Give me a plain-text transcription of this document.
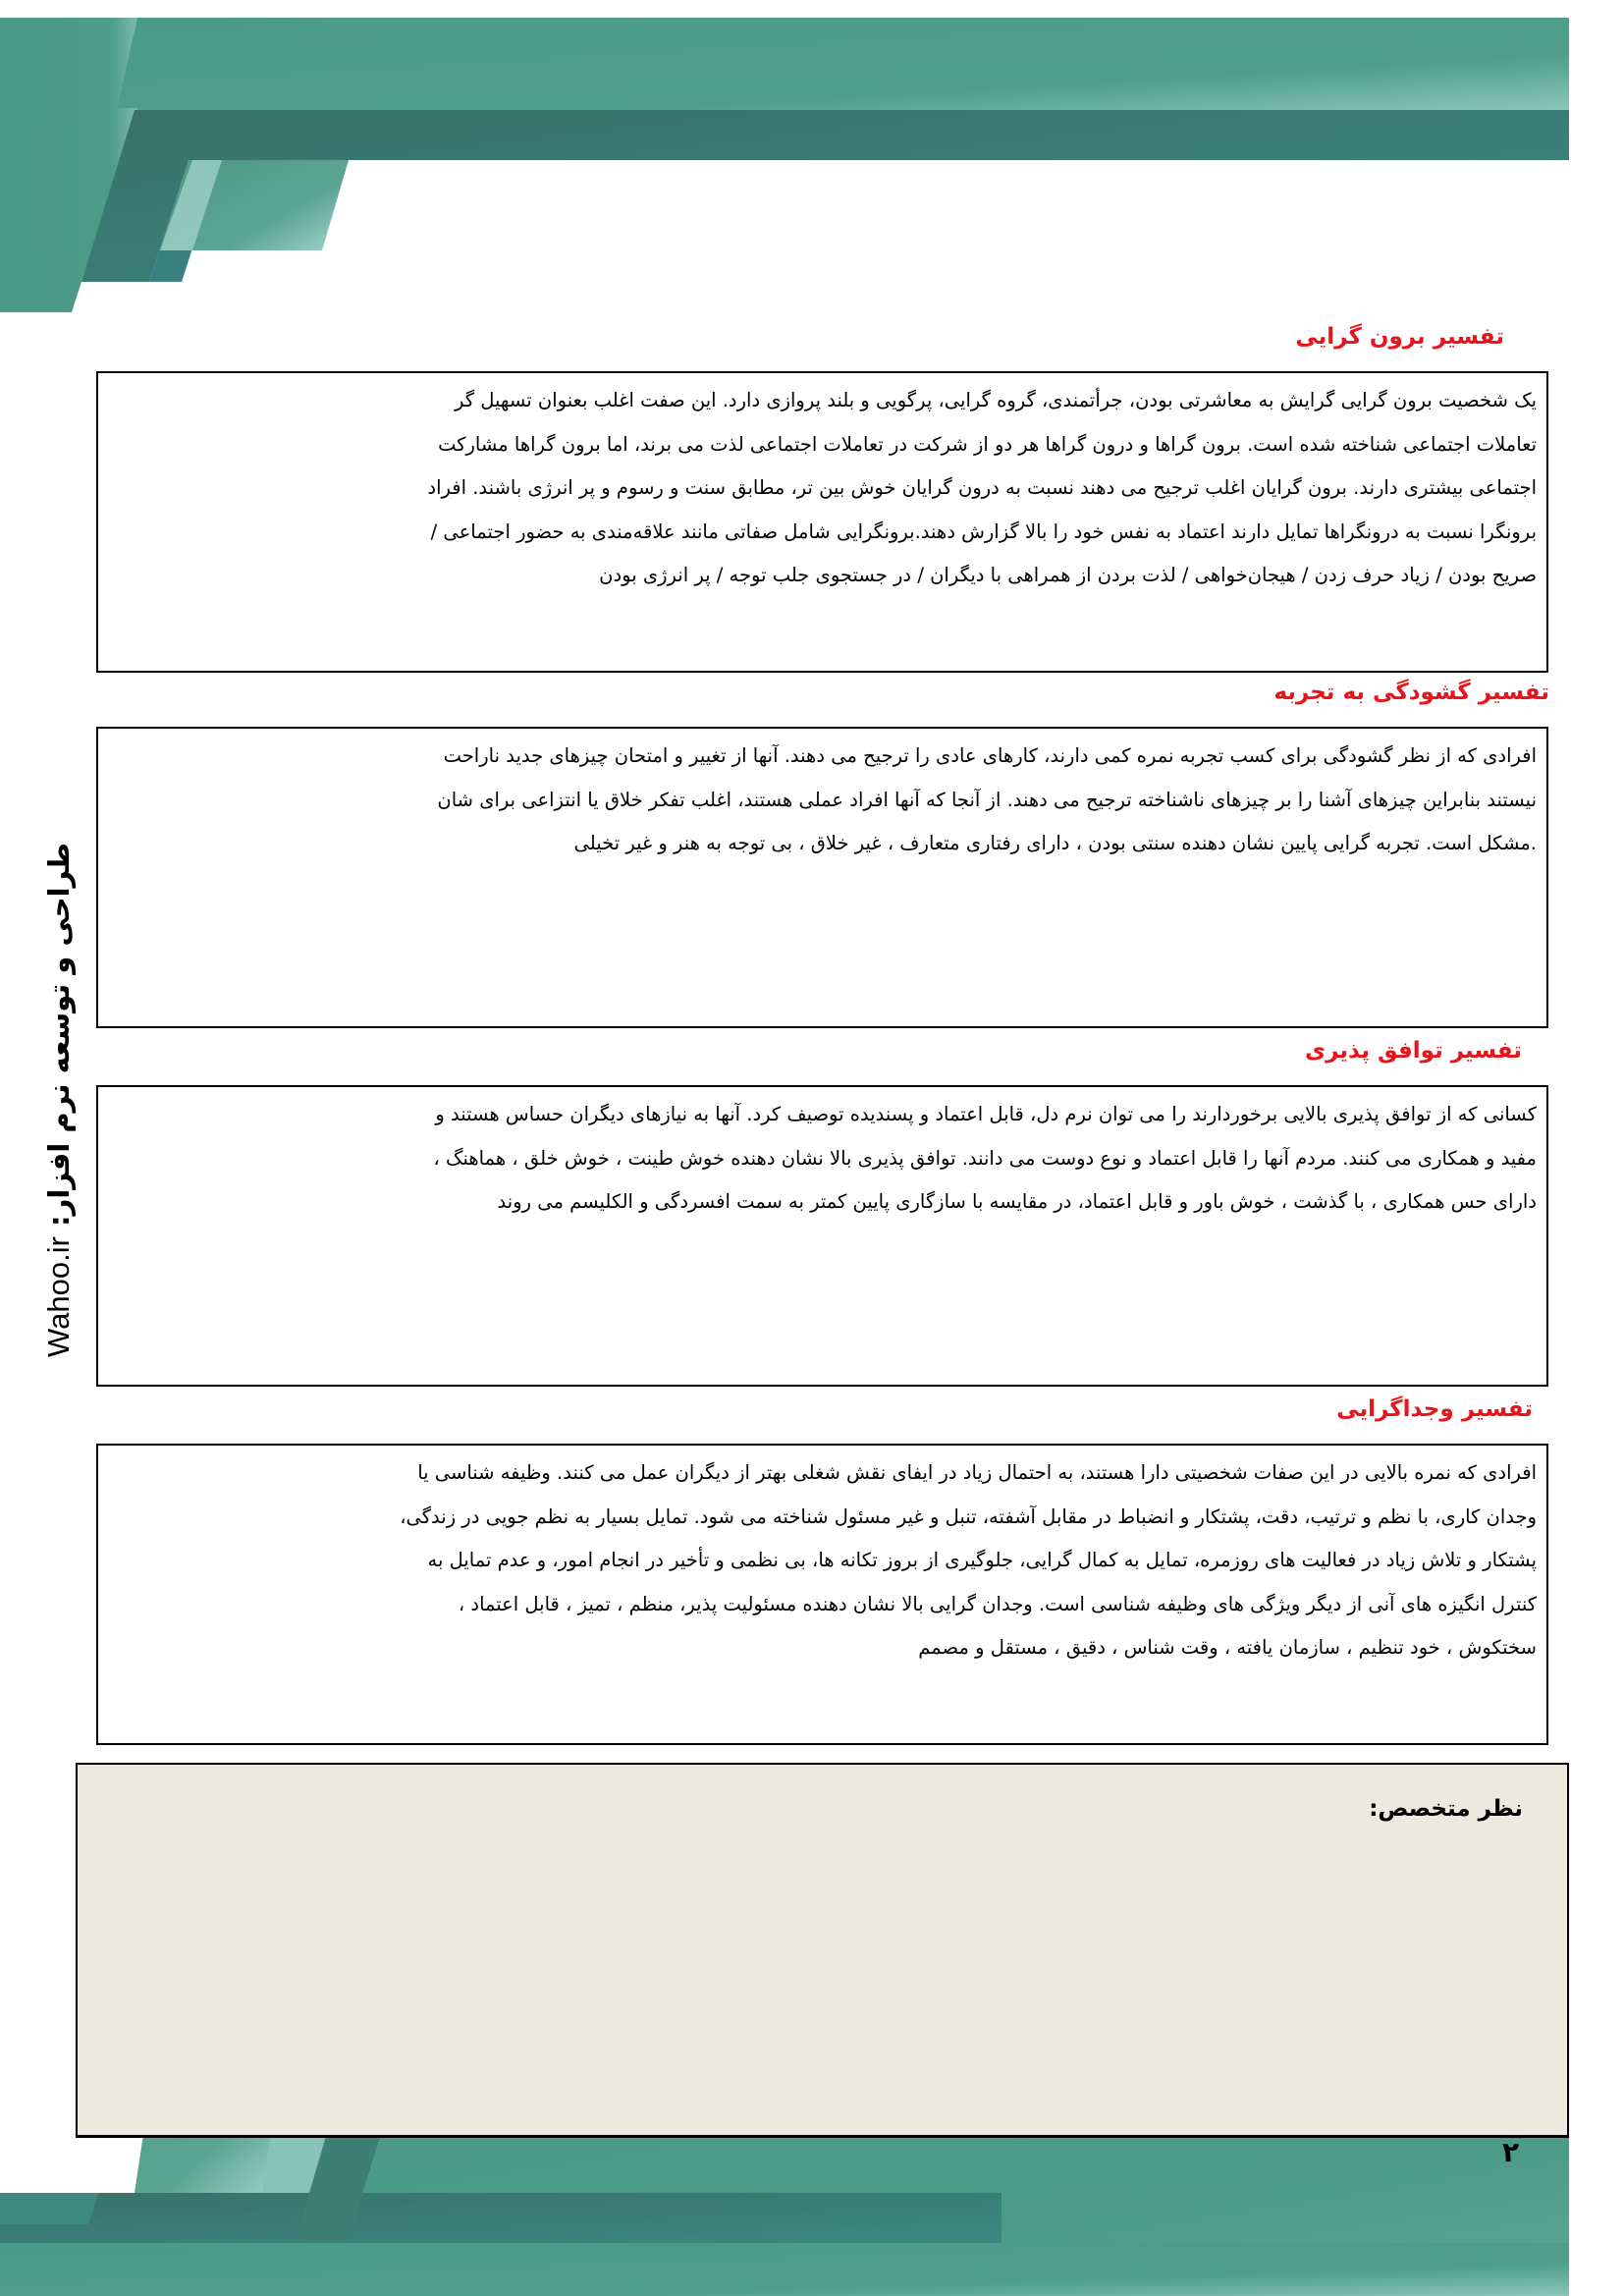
Wahoo.ir طراحی و توسعه نرم افزار:
تفسیر برون گرایی

یک شخصیت برون گرایی گرایش به معاشرتی بودن، جرأتمندی، گروه گرایی، پرگویی و بلند پروازی دارد. این صفت اغلب بعنوان تسهیل گر

تعاملات اجتماعی شناخته شده است. برون گراها و درون گراها هر دو از شرکت در تعاملات اجتماعی لذت می برند، اما برون گراها مشارکت

اجتماعی بیشتری دارند. برون گرایان اغلب ترجیح می دهند نسبت به درون گرایان خوش بین تر، مطابق سنت و رسوم و پر انرژی باشند. افراد

برونگرا نسبت به درونگراها تمایل دارند اعتماد به نفس خود را بالا گزارش دهند.برونگرایی شامل صفاتی مانند علاقه‌مندی به حضور اجتماعی /

صریح بودن / زیاد حرف زدن / هیجان‌خواهی / لذت بردن از همراهی با دیگران / در جستجوی جلب توجه / پر انرژی بودن

تفسیر گشودگی به تجربه

افرادی که از نظر گشودگی برای کسب تجربه نمره کمی دارند، کارهای عادی را ترجیح می دهند. آنها از تغییر و امتحان چیزهای جدید ناراحت

نیستند بنابراین چیزهای آشنا را بر چیزهای ناشناخته ترجیح می دهند. از آنجا که آنها افراد عملی هستند، اغلب تفکر خلاق یا انتزاعی برای شان

.مشکل است. تجربه گرایی پایین نشان دهنده سنتی بودن ، دارای رفتاری متعارف ، غیر خلاق ، بی توجه به هنر و غیر تخیلی

تفسیر توافق پذیری

کسانی که از توافق پذیری بالایی برخوردارند را می توان نرم دل، قابل اعتماد و پسندیده توصیف کرد. آنها به نیازهای دیگران حساس هستند و

مفید و همکاری می کنند. مردم آنها را قابل اعتماد و نوع دوست می دانند. توافق پذیری بالا نشان دهنده خوش طینت ، خوش خلق ، هماهنگ ،

دارای حس همکاری ، با گذشت ، خوش باور و قابل اعتماد، در مقایسه با سازگاری پایین کمتر به سمت افسردگی و الکلیسم می روند

تفسیر وجداگرایی

افرادی که نمره بالایی در این صفات شخصیتی دارا هستند، به احتمال زیاد در ایفای نقش شغلی بهتر از دیگران عمل می کنند. وظیفه شناسی یا

وجدان کاری، با نظم و ترتیب، دقت، پشتکار و انضباط در مقابل آشفته، تنبل و غیر مسئول شناخته می شود. تمایل بسیار به نظم جویی در زندگی،

پشتکار و تلاش زیاد در فعالیت های روزمره، تمایل به کمال گرایی، جلوگیری از بروز تکانه ها، بی نظمی و تأخیر در انجام امور، و عدم تمایل به

کنترل انگیزه های آنی از دیگر ویژگی های وظیفه شناسی است. وجدان گرایی بالا نشان دهنده مسئولیت پذیر، منظم ، تمیز ، قابل اعتماد ،

سختکوش ، خود تنظیم ، سازمان یافته ، وقت شناس ، دقیق ، مستقل و مصمم

نظر متخصص:
۲
